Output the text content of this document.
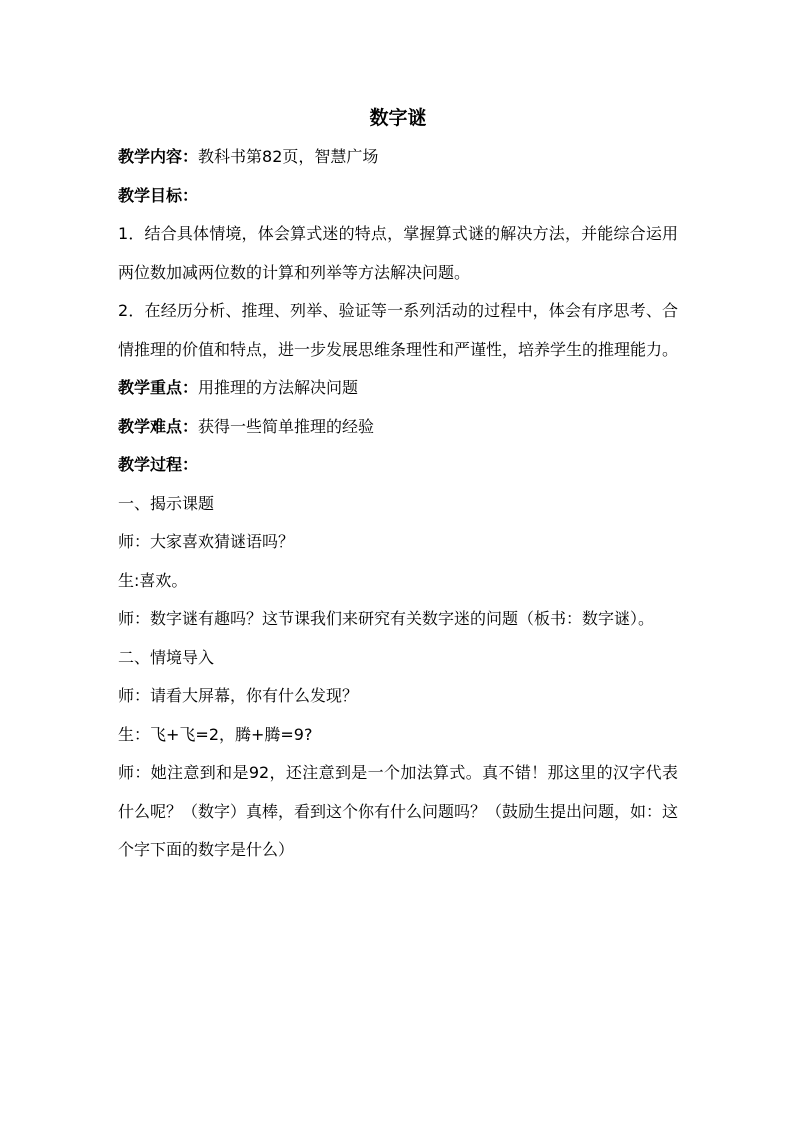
数字谜

教学内容：教科书第82页，智慧广场

教学目标：

1．结合具体情境，体会算式迷的特点，掌握算式谜的解决方法，并能综合运用两位数加减两位数的计算和列举等方法解决问题。

2．在经历分析、推理、列举、验证等一系列活动的过程中，体会有序思考、合情推理的价值和特点，进一步发展思维条理性和严谨性，培养学生的推理能力。

教学重点：用推理的方法解决问题

教学难点：获得一些简单推理的经验

教学过程：

一、揭示课题

师：大家喜欢猜谜语吗？

生:喜欢。

师：数字谜有趣吗？这节课我们来研究有关数字迷的问题（板书：数字谜）。

二、情境导入

师：请看大屏幕，你有什么发现？

生：飞+飞=2，腾+腾=9?

师：她注意到和是92，还注意到是一个加法算式。真不错！那这里的汉字代表什么呢？（数字）真棒，看到这个你有什么问题吗？（鼓励生提出问题，如：这个字下面的数字是什么）
